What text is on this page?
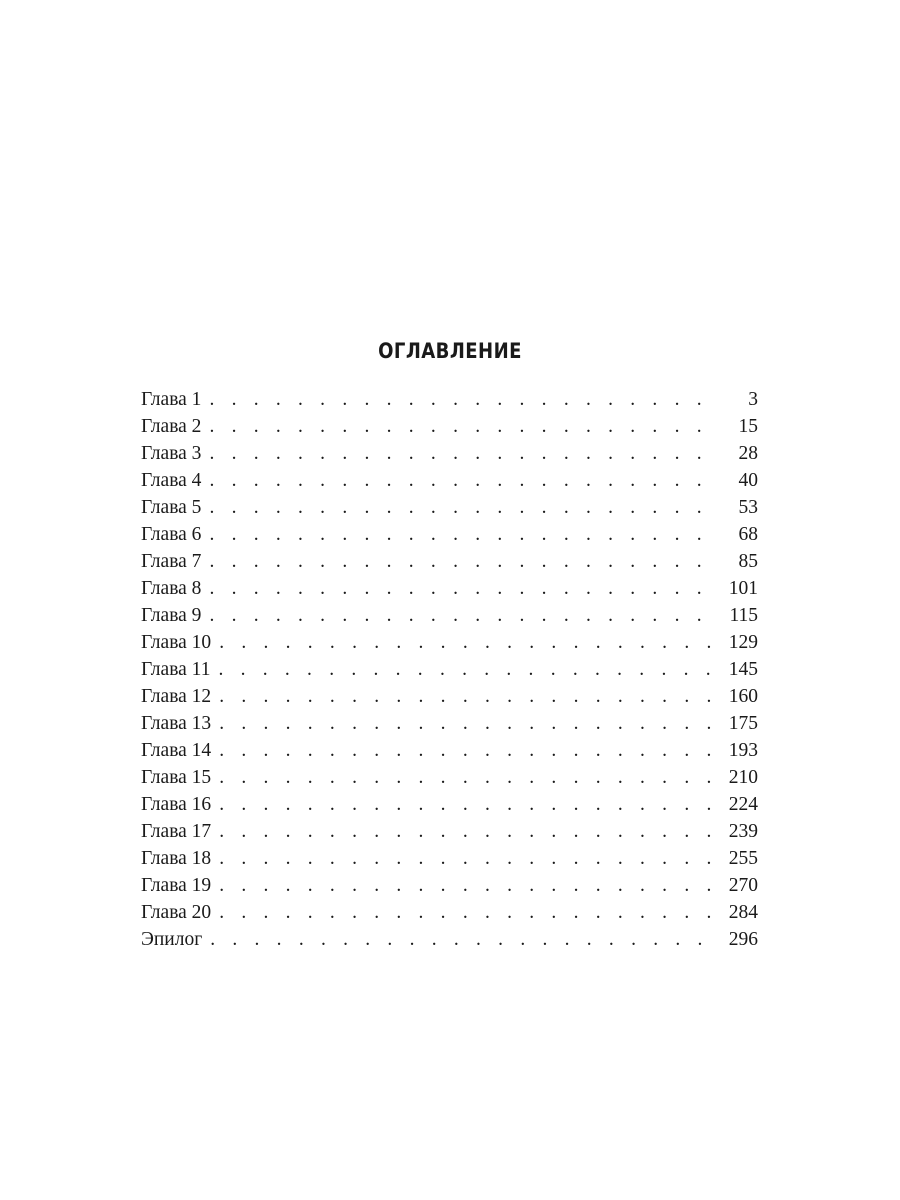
ОГЛАВЛЕНИЕ
Глава 1 . . .	3
Глава 2 . . .	15
Глава 3 . . .	28
Глава 4 . . .	40
Глава 5 . . .	53
Глава 6 . . .	68
Глава 7 . . .	85
Глава 8 . . .	101
Глава 9 . . .	115
Глава 10 . . .	129
Глава 11 . . .	145
Глава 12 . . .	160
Глава 13 . . .	175
Глава 14 . . .	193
Глава 15 . . .	210
Глава 16 . . .	224
Глава 17 . . .	239
Глава 18 . . .	255
Глава 19 . . .	270
Глава 20 . . .	284
Эпилог . . .	296
